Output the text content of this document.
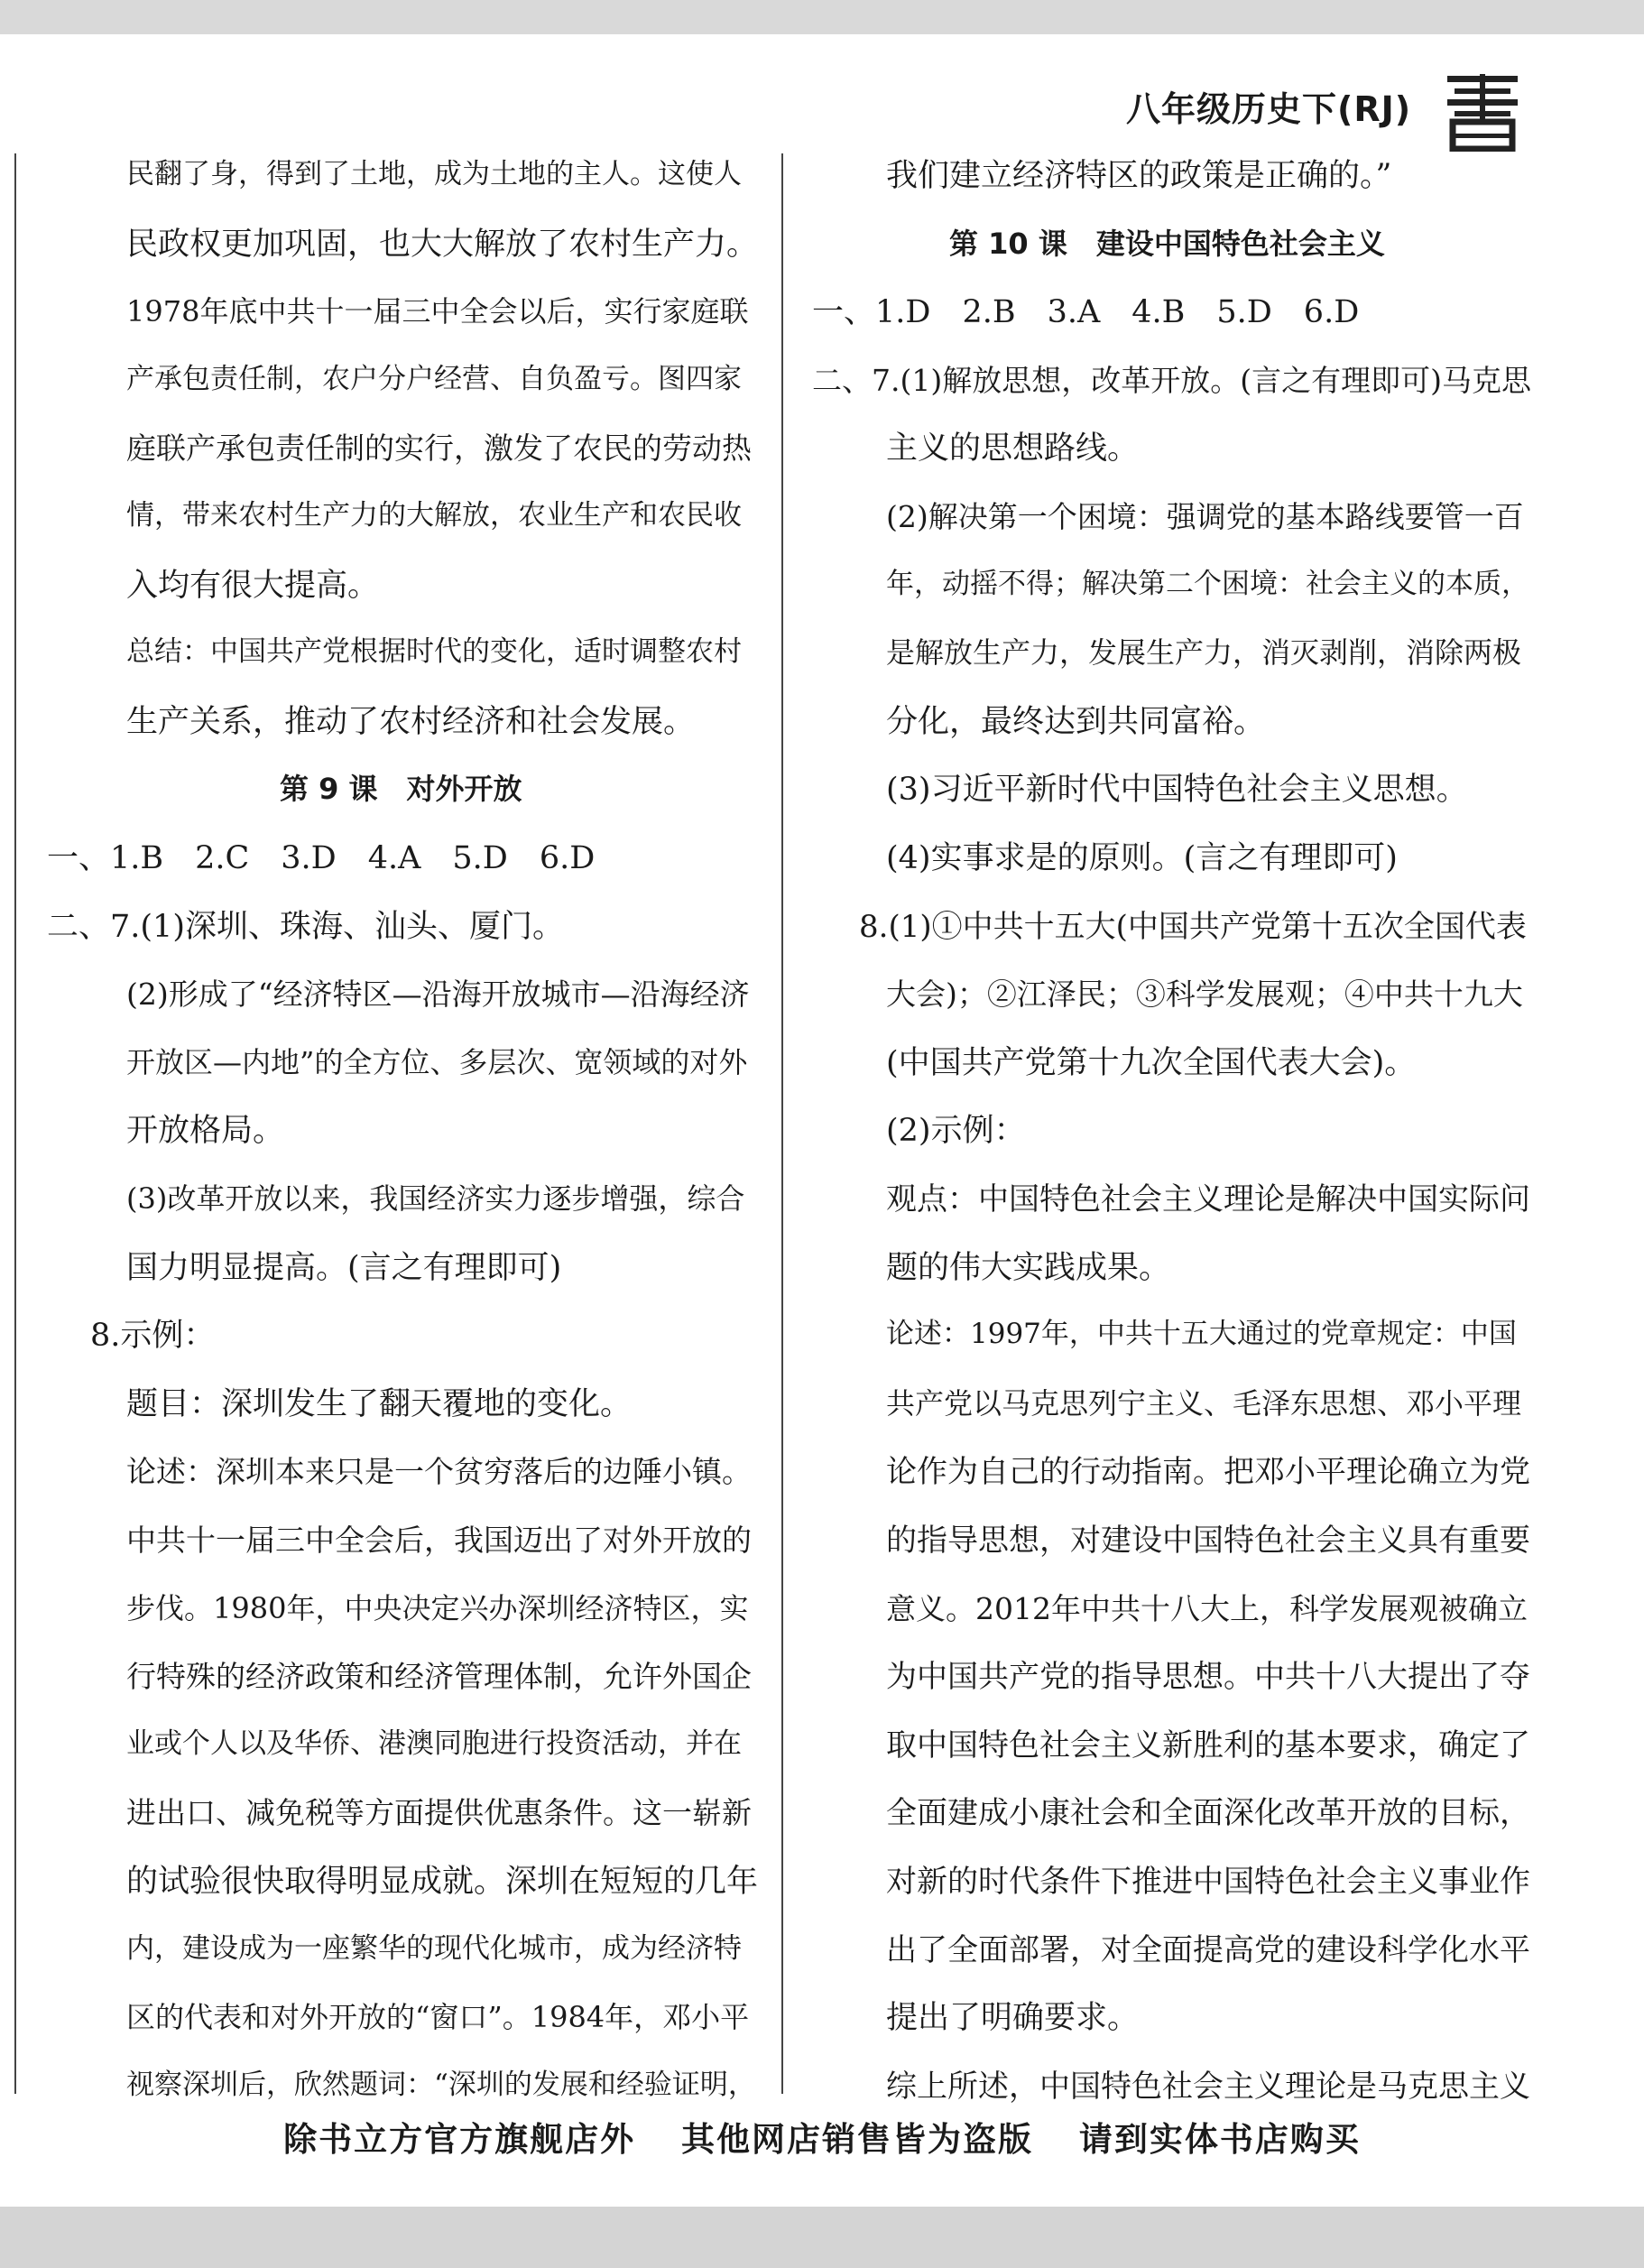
八年级历史下(RJ)
民翻了身，得到了土地，成为土地的主人。这使人
民政权更加巩固，也大大解放了农村生产力。
1978年底中共十一届三中全会以后，实行家庭联
产承包责任制，农户分户经营、自负盈亏。图四家
庭联产承包责任制的实行，激发了农民的劳动热
情，带来农村生产力的大解放，农业生产和农民收
入均有很大提高。
总结：中国共产党根据时代的变化，适时调整农村
生产关系，推动了农村经济和社会发展。
第 9 课　对外开放
一、1.B　2.C　3.D　4.A　5.D　6.D
二、7.(1)深圳、珠海、汕头、厦门。
(2)形成了“经济特区—沿海开放城市—沿海经济
开放区—内地”的全方位、多层次、宽领域的对外
开放格局。
(3)改革开放以来，我国经济实力逐步增强，综合
国力明显提高。(言之有理即可)
8.示例：
题目：深圳发生了翻天覆地的变化。
论述：深圳本来只是一个贫穷落后的边陲小镇。
中共十一届三中全会后，我国迈出了对外开放的
步伐。1980年，中央决定兴办深圳经济特区，实
行特殊的经济政策和经济管理体制，允许外国企
业或个人以及华侨、港澳同胞进行投资活动，并在
进出口、减免税等方面提供优惠条件。这一崭新
的试验很快取得明显成就。深圳在短短的几年
内，建设成为一座繁华的现代化城市，成为经济特
区的代表和对外开放的“窗口”。1984年，邓小平
视察深圳后，欣然题词：“深圳的发展和经验证明，
我们建立经济特区的政策是正确的。”
第 10 课　建设中国特色社会主义
一、1.D　2.B　3.A　4.B　5.D　6.D
二、7.(1)解放思想，改革开放。(言之有理即可)马克思
主义的思想路线。
(2)解决第一个困境：强调党的基本路线要管一百
年，动摇不得；解决第二个困境：社会主义的本质，
是解放生产力，发展生产力，消灭剥削，消除两极
分化，最终达到共同富裕。
(3)习近平新时代中国特色社会主义思想。
(4)实事求是的原则。(言之有理即可)
8.(1)①中共十五大(中国共产党第十五次全国代表
大会)；②江泽民；③科学发展观；④中共十九大
(中国共产党第十九次全国代表大会)。
(2)示例：
观点：中国特色社会主义理论是解决中国实际问
题的伟大实践成果。
论述：1997年，中共十五大通过的党章规定：中国
共产党以马克思列宁主义、毛泽东思想、邓小平理
论作为自己的行动指南。把邓小平理论确立为党
的指导思想，对建设中国特色社会主义具有重要
意义。2012年中共十八大上，科学发展观被确立
为中国共产党的指导思想。中共十八大提出了夺
取中国特色社会主义新胜利的基本要求，确定了
全面建成小康社会和全面深化改革开放的目标，
对新的时代条件下推进中国特色社会主义事业作
出了全面部署，对全面提高党的建设科学化水平
提出了明确要求。
综上所述，中国特色社会主义理论是马克思主义
除书立方官方旗舰店外 其他网店销售皆为盗版 请到实体书店购买
